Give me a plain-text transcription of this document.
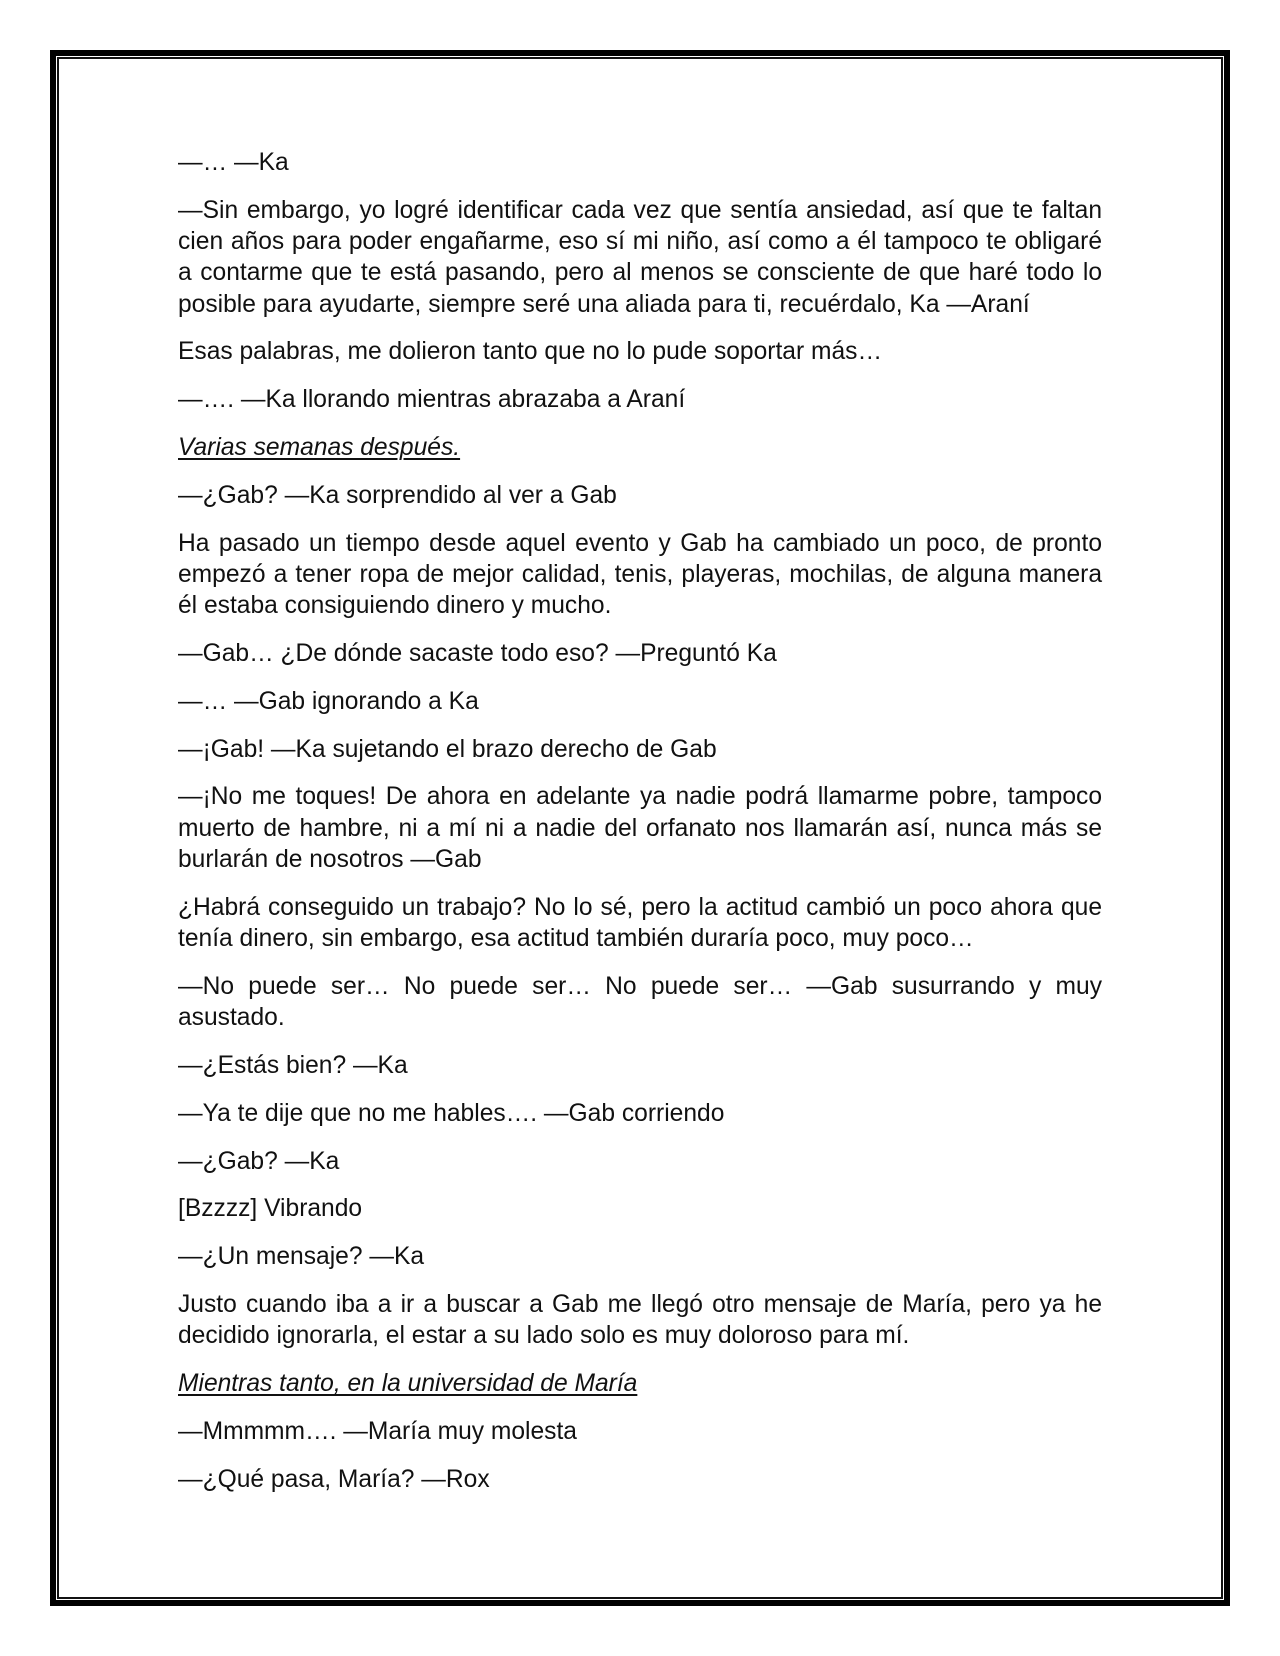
—… —Ka

—Sin embargo, yo logré identificar cada vez que sentía ansiedad, así que te faltan cien años para poder engañarme, eso sí mi niño, así como a él tampoco te obligaré a contarme que te está pasando, pero al menos se consciente de que haré todo lo posible para ayudarte, siempre seré una aliada para ti, recuérdalo, Ka —Araní

Esas palabras, me dolieron tanto que no lo pude soportar más…

—…. —Ka llorando mientras abrazaba a Araní

Varias semanas después.

—¿Gab? —Ka sorprendido al ver a Gab

Ha pasado un tiempo desde aquel evento y Gab ha cambiado un poco, de pronto empezó a tener ropa de mejor calidad, tenis, playeras, mochilas, de alguna manera él estaba consiguiendo dinero y mucho.

—Gab… ¿De dónde sacaste todo eso? —Preguntó Ka

—… —Gab ignorando a Ka

—¡Gab! —Ka sujetando el brazo derecho de Gab

—¡No me toques! De ahora en adelante ya nadie podrá llamarme pobre, tampoco muerto de hambre, ni a mí ni a nadie del orfanato nos llamarán así, nunca más se burlarán de nosotros —Gab

¿Habrá conseguido un trabajo? No lo sé, pero la actitud cambió un poco ahora que tenía dinero, sin embargo, esa actitud también duraría poco, muy poco…

—No puede ser… No puede ser… No puede ser… —Gab susurrando y muy asustado.

—¿Estás bien? —Ka

—Ya te dije que no me hables…. —Gab corriendo

—¿Gab? —Ka

[Bzzzz] Vibrando

—¿Un mensaje? —Ka

Justo cuando iba a ir a buscar a Gab me llegó otro mensaje de María, pero ya he decidido ignorarla, el estar a su lado solo es muy doloroso para mí.

Mientras tanto, en la universidad de María

—Mmmmm…. —María muy molesta

—¿Qué pasa, María? —Rox
